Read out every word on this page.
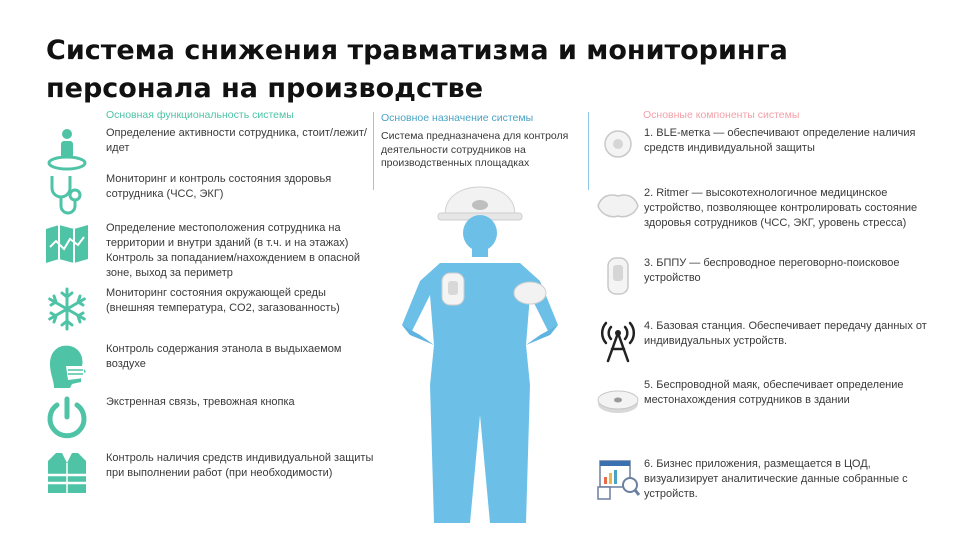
Система снижения травматизма и мониторинга персонала на производстве
Основная функциональность системы	Основное назначение системы	Основные компоненты системы
Система предназначена для контроля деятельности сотрудников на производственных площадках
Определение активности сотрудника, стоит/лежит/идет
Мониторинг и контроль состояния здоровья сотрудника (ЧСС, ЭКГ)
Определение местоположения сотрудника на территории и внутри зданий (в т.ч. и на этажах) Контроль за попаданием/нахождением в опасной зоне, выход за периметр
Мониторинг состояния окружающей среды (внешняя температура, CO2, загазованность)
Контроль содержания этанола в выдыхаемом воздухе
Экстренная связь, тревожная кнопка
Контроль наличия средств индивидуальной защиты при выполнении работ (при необходимости)
1. BLE-метка — обеспечивают определение наличия средств индивидуальной защиты
2. Ritmer — высокотехнологичное медицинское устройство, позволяющее контролировать состояние здоровья сотрудников (ЧСС, ЭКГ, уровень стресса)
3. БППУ — беспроводное переговорно-поисковое устройство
4. Базовая станция. Обеспечивает передачу данных от индивидуальных устройств.
5. Беспроводной маяк, обеспечивает определение местонахождения сотрудников в здании
6. Бизнес приложения, размещается в ЦОД, визуализирует аналитические данные собранные с устройств.
